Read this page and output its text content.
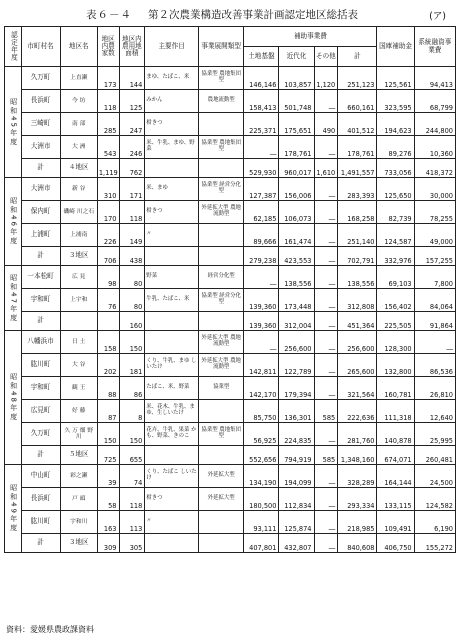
表６－４ 第２次農業構造改善事業計画認定地区総括表	(ア)
認定年度	市町村名	地区名	地区内農家数	地区内農用地面積	主要作目	事業展開類型	補助事業費				国庫補助金	系統融資事業費
							土地基盤	近代化	その他	計		
昭和45年度	久万町	上直瀬	173	144	まゆ、たばこ、米	協業型 農地集団型	146,146	103,857	1,120	251,123	125,561	94,413
	長浜町	今 坊	118	125	みかん	農地流動型	158,413	501,748	―	660,161	323,595	68,799
	三崎町	南 部	285	247	柑きつ		225,371	175,651	490	401,512	194,623	244,800
	大洲市	大 洲	543	246	米、牛乳、まゆ、野菜	協業型 農地集団型	―	178,761	―	178,761	89,276	10,360
	計	４地区	1,119	762			529,930	960,017	1,610	1,491,557	733,056	418,372
昭和46年度	大洲市	新 谷	310	171	米、まゆ	協業型 経営分化型	127,387	156,006	―	283,393	125,650	30,000
	保内町	磯崎 川之石	170	118	柑きつ	外延拡大型 農地流動型	62,185	106,073	―	168,258	82,739	78,255
	上浦町	上浦南	226	149	〃		89,666	161,474	―	251,140	124,587	49,000
	計	３地区	706	438			279,238	423,553	―	702,791	332,976	157,255
昭和47年度	一本松町	広 見	98	80	野菜	経営分化型	―	138,556	―	138,556	69,103	7,800
	宇和町	上宇和	76	80	牛乳、たばこ、米	協業型 経営分化型	139,360	173,448	―	312,808	156,402	84,064
	計			160			139,360	312,004	―	451,364	225,505	91,864
昭和48年度	八幡浜市	日 土	158	150		外延拡大型 農地流動型	―	256,600	―	256,600	128,300	―
	肱川町	大 谷	202	181	くり、牛乳、まゆ しいたけ	外延拡大型 農地流動型	142,811	122,789	―	265,600	132,800	86,536
	宇和町	観 王	88	86	たばこ、米、野菜	協業型	142,170	179,394	―	321,564	160,781	26,810
	広見町	好 藤	87	8	米、花木、牛乳、まゆ、生しいたけ		85,750	136,301	585	222,636	111,318	12,640
	久万町	久 万 畑 野 川	150	150	花卉、牛乳、果菜 かも、野菜、きのこ	協業型 農地集団型	56,925	224,835	―	281,760	140,878	25,995
	計	５地区	725	655			552,656	794,919	585	1,348,160	674,071	260,481
昭和49年度	中山町	彩之瀬	39	74	くり、たばこ しいたけ	外延拡大型	134,190	194,099	―	328,289	164,144	24,500
	長浜町	戸 頭	58	118	柑きつ	外延拡大型	180,500	112,834	―	293,334	133,115	124,582
	肱川町	宇和川	163	113	〃		93,111	125,874	―	218,985	109,491	6,190
	計	３地区	309	305			407,801	432,807	―	840,608	406,750	155,272
資料：愛媛県農政課資料
